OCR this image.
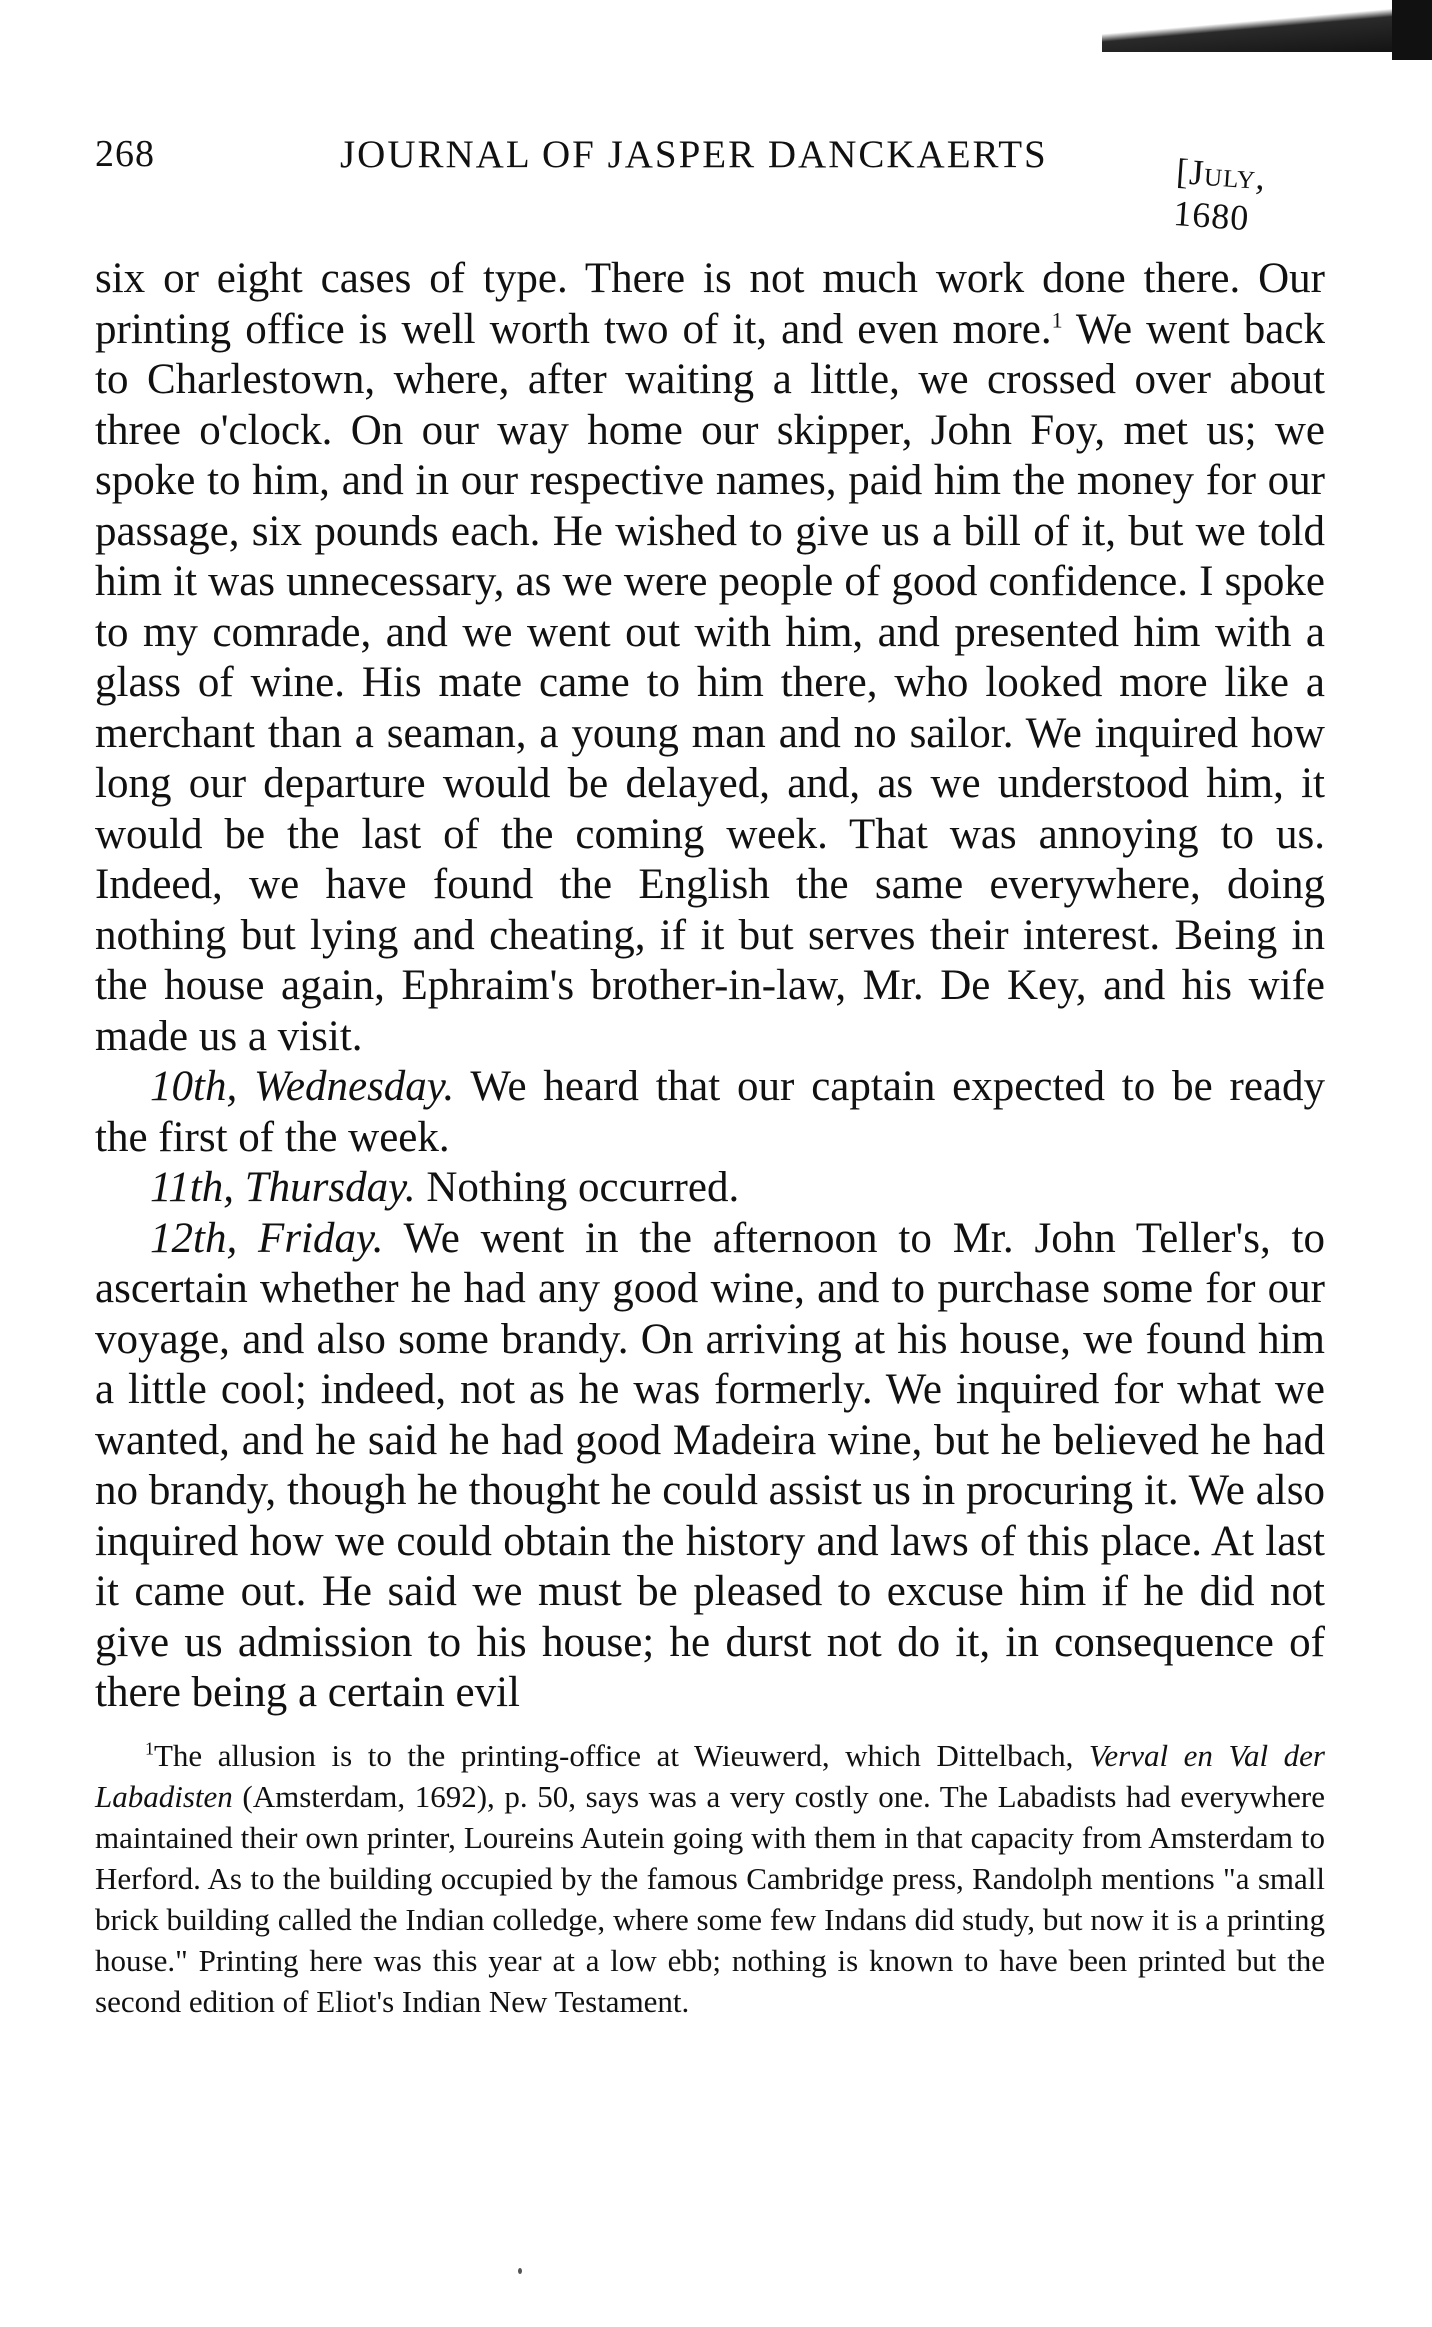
268	JOURNAL OF JASPER DANCKAERTS	[July, 1680

six or eight cases of type. There is not much work done there. Our printing office is well worth two of it, and even more.$^1$ We went back to Charlestown, where, after waiting a little, we crossed over about three o'clock. On our way home our skipper, John Foy, met us; we spoke to him, and in our respective names, paid him the money for our passage, six pounds each. He wished to give us a bill of it, but we told him it was unnecessary, as we were people of good confidence. I spoke to my comrade, and we went out with him, and presented him with a glass of wine. His mate came to him there, who looked more like a merchant than a seaman, a young man and no sailor. We inquired how long our departure would be delayed, and, as we understood him, it would be the last of the coming week. That was annoying to us. Indeed, we have found the English the same everywhere, doing nothing but lying and cheating, if it but serves their interest. Being in the house again, Ephraim's brother-in-law, Mr. De Key, and his wife made us a visit.

10th, Wednesday. We heard that our captain expected to be ready the first of the week.

11th, Thursday. Nothing occurred.

12th, Friday. We went in the afternoon to Mr. John Teller's, to ascertain whether he had any good wine, and to purchase some for our voyage, and also some brandy. On arriving at his house, we found him a little cool; indeed, not as he was formerly. We inquired for what we wanted, and he said he had good Madeira wine, but he believed he had no brandy, though he thought he could assist us in procuring it. We also inquired how we could obtain the history and laws of this place. At last it came out. He said we must be pleased to excuse him if he did not give us admission to his house; he durst not do it, in consequence of there being a certain evil

$^1$The allusion is to the printing-office at Wieuwerd, which Dittelbach, Verval en Val der Labadisten (Amsterdam, 1692), p. 50, says was a very costly one. The Labadists had everywhere maintained their own printer, Loureins Autein going with them in that capacity from Amsterdam to Herford. As to the building occupied by the famous Cambridge press, Randolph mentions "a small brick building called the Indian colledge, where some few Indans did study, but now it is a printing house." Printing here was this year at a low ebb; nothing is known to have been printed but the second edition of Eliot's Indian New Testament.
